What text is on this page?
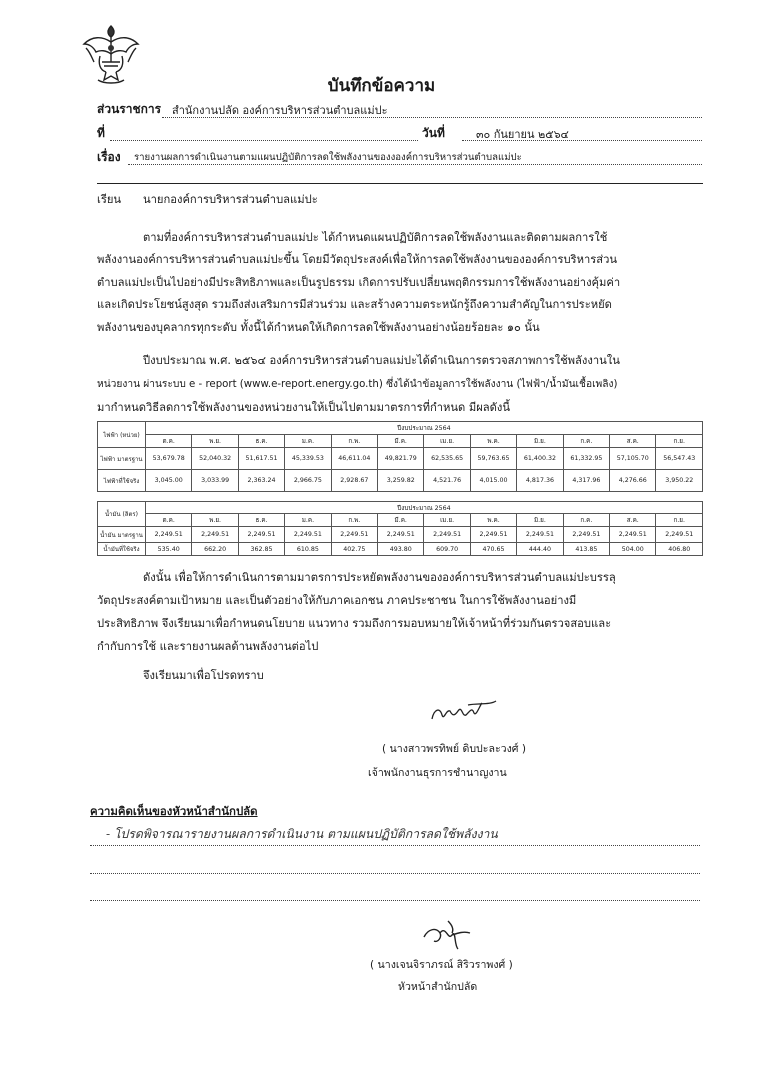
บันทึกข้อความ
ส่วนราชการ สำนักงานปลัด องค์การบริหารส่วนตำบลแม่ปะ
ที่	วันที่	๓๐ กันยายน ๒๕๖๔
เรื่อง รายงานผลการดำเนินงานตามแผนปฏิบัติการลดใช้พลังงานของงองค์การบริหารส่วนตำบลแม่ปะ
เรียน นายกองค์การบริหารส่วนตำบลแม่ปะ
ตามที่องค์การบริหารส่วนตำบลแม่ปะ ได้กำหนดแผนปฏิบัติการลดใช้พลังงานและติดตามผลการใช้
พลังงานองค์การบริหารส่วนตำบลแม่ปะขึ้น โดยมีวัตถุประสงค์เพื่อให้การลดใช้พลังงานขององค์การบริหารส่วน
ตำบลแม่ปะเป็นไปอย่างมีประสิทธิภาพและเป็นรูปธรรม เกิดการปรับเปลี่ยนพฤติกรรมการใช้พลังงานอย่างคุ้มค่า
และเกิดประโยชน์สูงสุด รวมถึงส่งเสริมการมีส่วนร่วม และสร้างความตระหนักรู้ถึงความสำคัญในการประหยัด
พลังงานของบุคลากรทุกระดับ ทั้งนี้ได้กำหนดให้เกิดการลดใช้พลังงานอย่างน้อยร้อยละ ๑๐ นั้น
ปีงบประมาณ พ.ศ. ๒๕๖๔ องค์การบริหารส่วนตำบลแม่ปะได้ดำเนินการตรวจสภาพการใช้พลังงานใน
หน่วยงาน ผ่านระบบ e - report (www.e-report.energy.go.th) ซึ่งได้นำข้อมูลการใช้พลังงาน (ไฟฟ้า/น้ำมันเชื้อเพลิง)
มากำหนดวิธีลดการใช้พลังงานของหน่วยงานให้เป็นไปตามมาตรการที่กำหนด มีผลดังนี้
ไฟฟ้า (หน่วย)	ปีงบประมาณ 2564											
	ต.ค.	พ.ย.	ธ.ค.	ม.ค.	ก.พ.	มี.ค.	เม.ย.	พ.ค.	มิ.ย.	ก.ค.	ส.ค.	ก.ย.
ไฟฟ้า มาตรฐาน	53,679.78	52,040.32	51,617.51	45,339.53	46,611.04	49,821.79	62,535.65	59,763.65	61,400.32	61,332.95	57,105.70	56,547.43
ไฟฟ้าที่ใช้จริง	3,045.00	3,033.99	2,363.24	2,966.75	2,928.67	3,259.82	4,521.76	4,015.00	4,817.36	4,317.96	4,276.66	3,950.22
น้ำมัน (ลิตร)	ปีงบประมาณ 2564											
	ต.ค.	พ.ย.	ธ.ค.	ม.ค.	ก.พ.	มี.ค.	เม.ย.	พ.ค.	มิ.ย.	ก.ค.	ส.ค.	ก.ย.
น้ำมัน มาตรฐาน	2,249.51	2,249.51	2,249.51	2,249.51	2,249.51	2,249.51	2,249.51	2,249.51	2,249.51	2,249.51	2,249.51	2,249.51
น้ำมันที่ใช้จริง	535.40	662.20	362.85	610.85	402.75	493.80	609.70	470.65	444.40	413.85	504.00	406.80
ดังนั้น เพื่อให้การดำเนินการตามมาตรการประหยัดพลังงานขององค์การบริหารส่วนตำบลแม่ปะบรรลุ
วัตถุประสงค์ตามเป้าหมาย และเป็นตัวอย่างให้กับภาคเอกชน ภาคประชาชน ในการใช้พลังงานอย่างมี
ประสิทธิภาพ จึงเรียนมาเพื่อกำหนดนโยบาย แนวทาง รวมถึงการมอบหมายให้เจ้าหน้าที่ร่วมกันตรวจสอบและ
กำกับการใช้ และรายงานผลด้านพลังงานต่อไป
จึงเรียนมาเพื่อโปรดทราบ
( นางสาวพรทิพย์ ดิบปะละวงศ์ )
เจ้าพนักงานธุรการชำนาญงาน
ความคิดเห็นของหัวหน้าสำนักปลัด
- โปรดพิจารณารายงานผลการดำเนินงาน ตามแผนปฏิบัติการลดใช้พลังงาน
( นางเจนจิราภรณ์ สิริวราพงศ์ )
หัวหน้าสำนักปลัด
